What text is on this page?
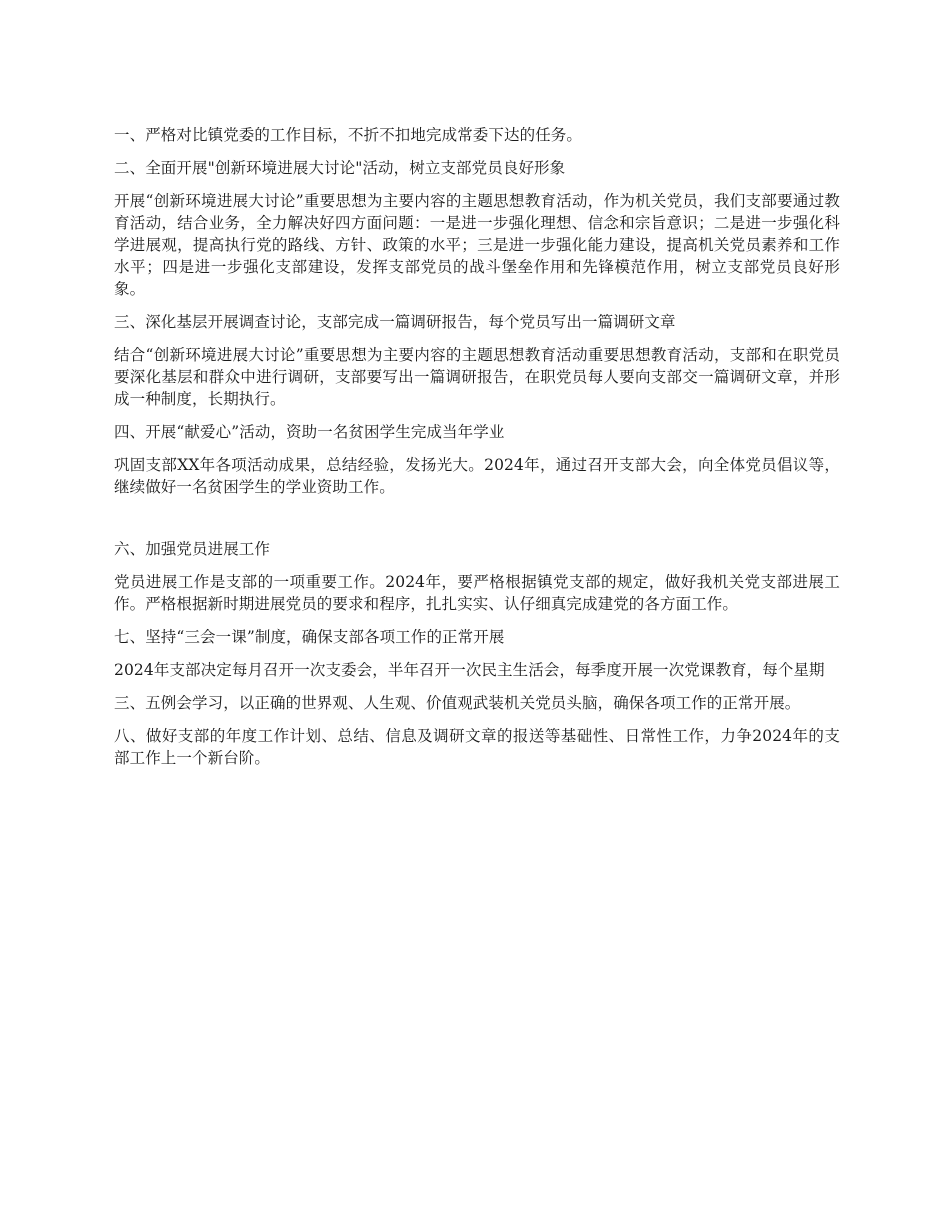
一、严格对比镇党委的工作目标，不折不扣地完成常委下达的任务。

二、全面开展"创新环境进展大讨论"活动，树立支部党员良好形象

开展“创新环境进展大讨论”重要思想为主要内容的主题思想教育活动，作为机关党员，我们支部要通过教育活动，结合业务，全力解决好四方面问题：一是进一步强化理想、信念和宗旨意识；二是进一步强化科学进展观，提高执行党的路线、方针、政策的水平；三是进一步强化能力建设，提高机关党员素养和工作水平；四是进一步强化支部建设，发挥支部党员的战斗堡垒作用和先锋模范作用，树立支部党员良好形象。

三、深化基层开展调查讨论，支部完成一篇调研报告，每个党员写出一篇调研文章

结合“创新环境进展大讨论”重要思想为主要内容的主题思想教育活动重要思想教育活动，支部和在职党员要深化基层和群众中进行调研，支部要写出一篇调研报告，在职党员每人要向支部交一篇调研文章，并形成一种制度，长期执行。

四、开展“献爱心”活动，资助一名贫困学生完成当年学业

巩固支部XX年各项活动成果，总结经验，发扬光大。2024年，通过召开支部大会，向全体党员倡议等，继续做好一名贫困学生的学业资助工作。

六、加强党员进展工作

党员进展工作是支部的一项重要工作。2024年，要严格根据镇党支部的规定，做好我机关党支部进展工作。严格根据新时期进展党员的要求和程序，扎扎实实、认仔细真完成建党的各方面工作。

七、坚持“三会一课”制度，确保支部各项工作的正常开展

2024年支部决定每月召开一次支委会，半年召开一次民主生活会，每季度开展一次党课教育，每个星期

三、五例会学习，以正确的世界观、人生观、价值观武装机关党员头脑，确保各项工作的正常开展。

八、做好支部的年度工作计划、总结、信息及调研文章的报送等基础性、日常性工作，力争2024年的支部工作上一个新台阶。
